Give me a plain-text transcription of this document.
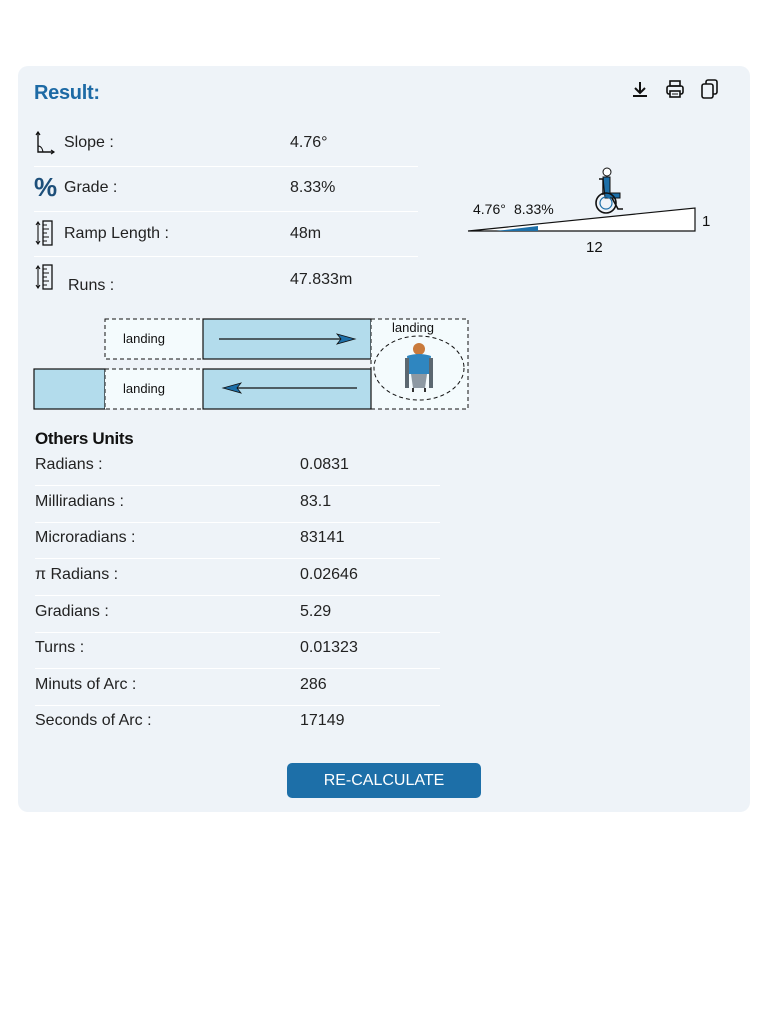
Result:
Slope :	4.76°
% Grade :	8.33%
Ramp Length :	48m
Runs :	47.833m
4.76° 8.33%
1
12
landing
landing
landing
Others Units
Radians :	0.0831
Milliradians :	83.1
Microradians :	83141
π Radians :	0.02646
Gradians :	5.29
Turns :	0.01323
Minuts of Arc :	286
Seconds of Arc :	17149
RE-CALCULATE
